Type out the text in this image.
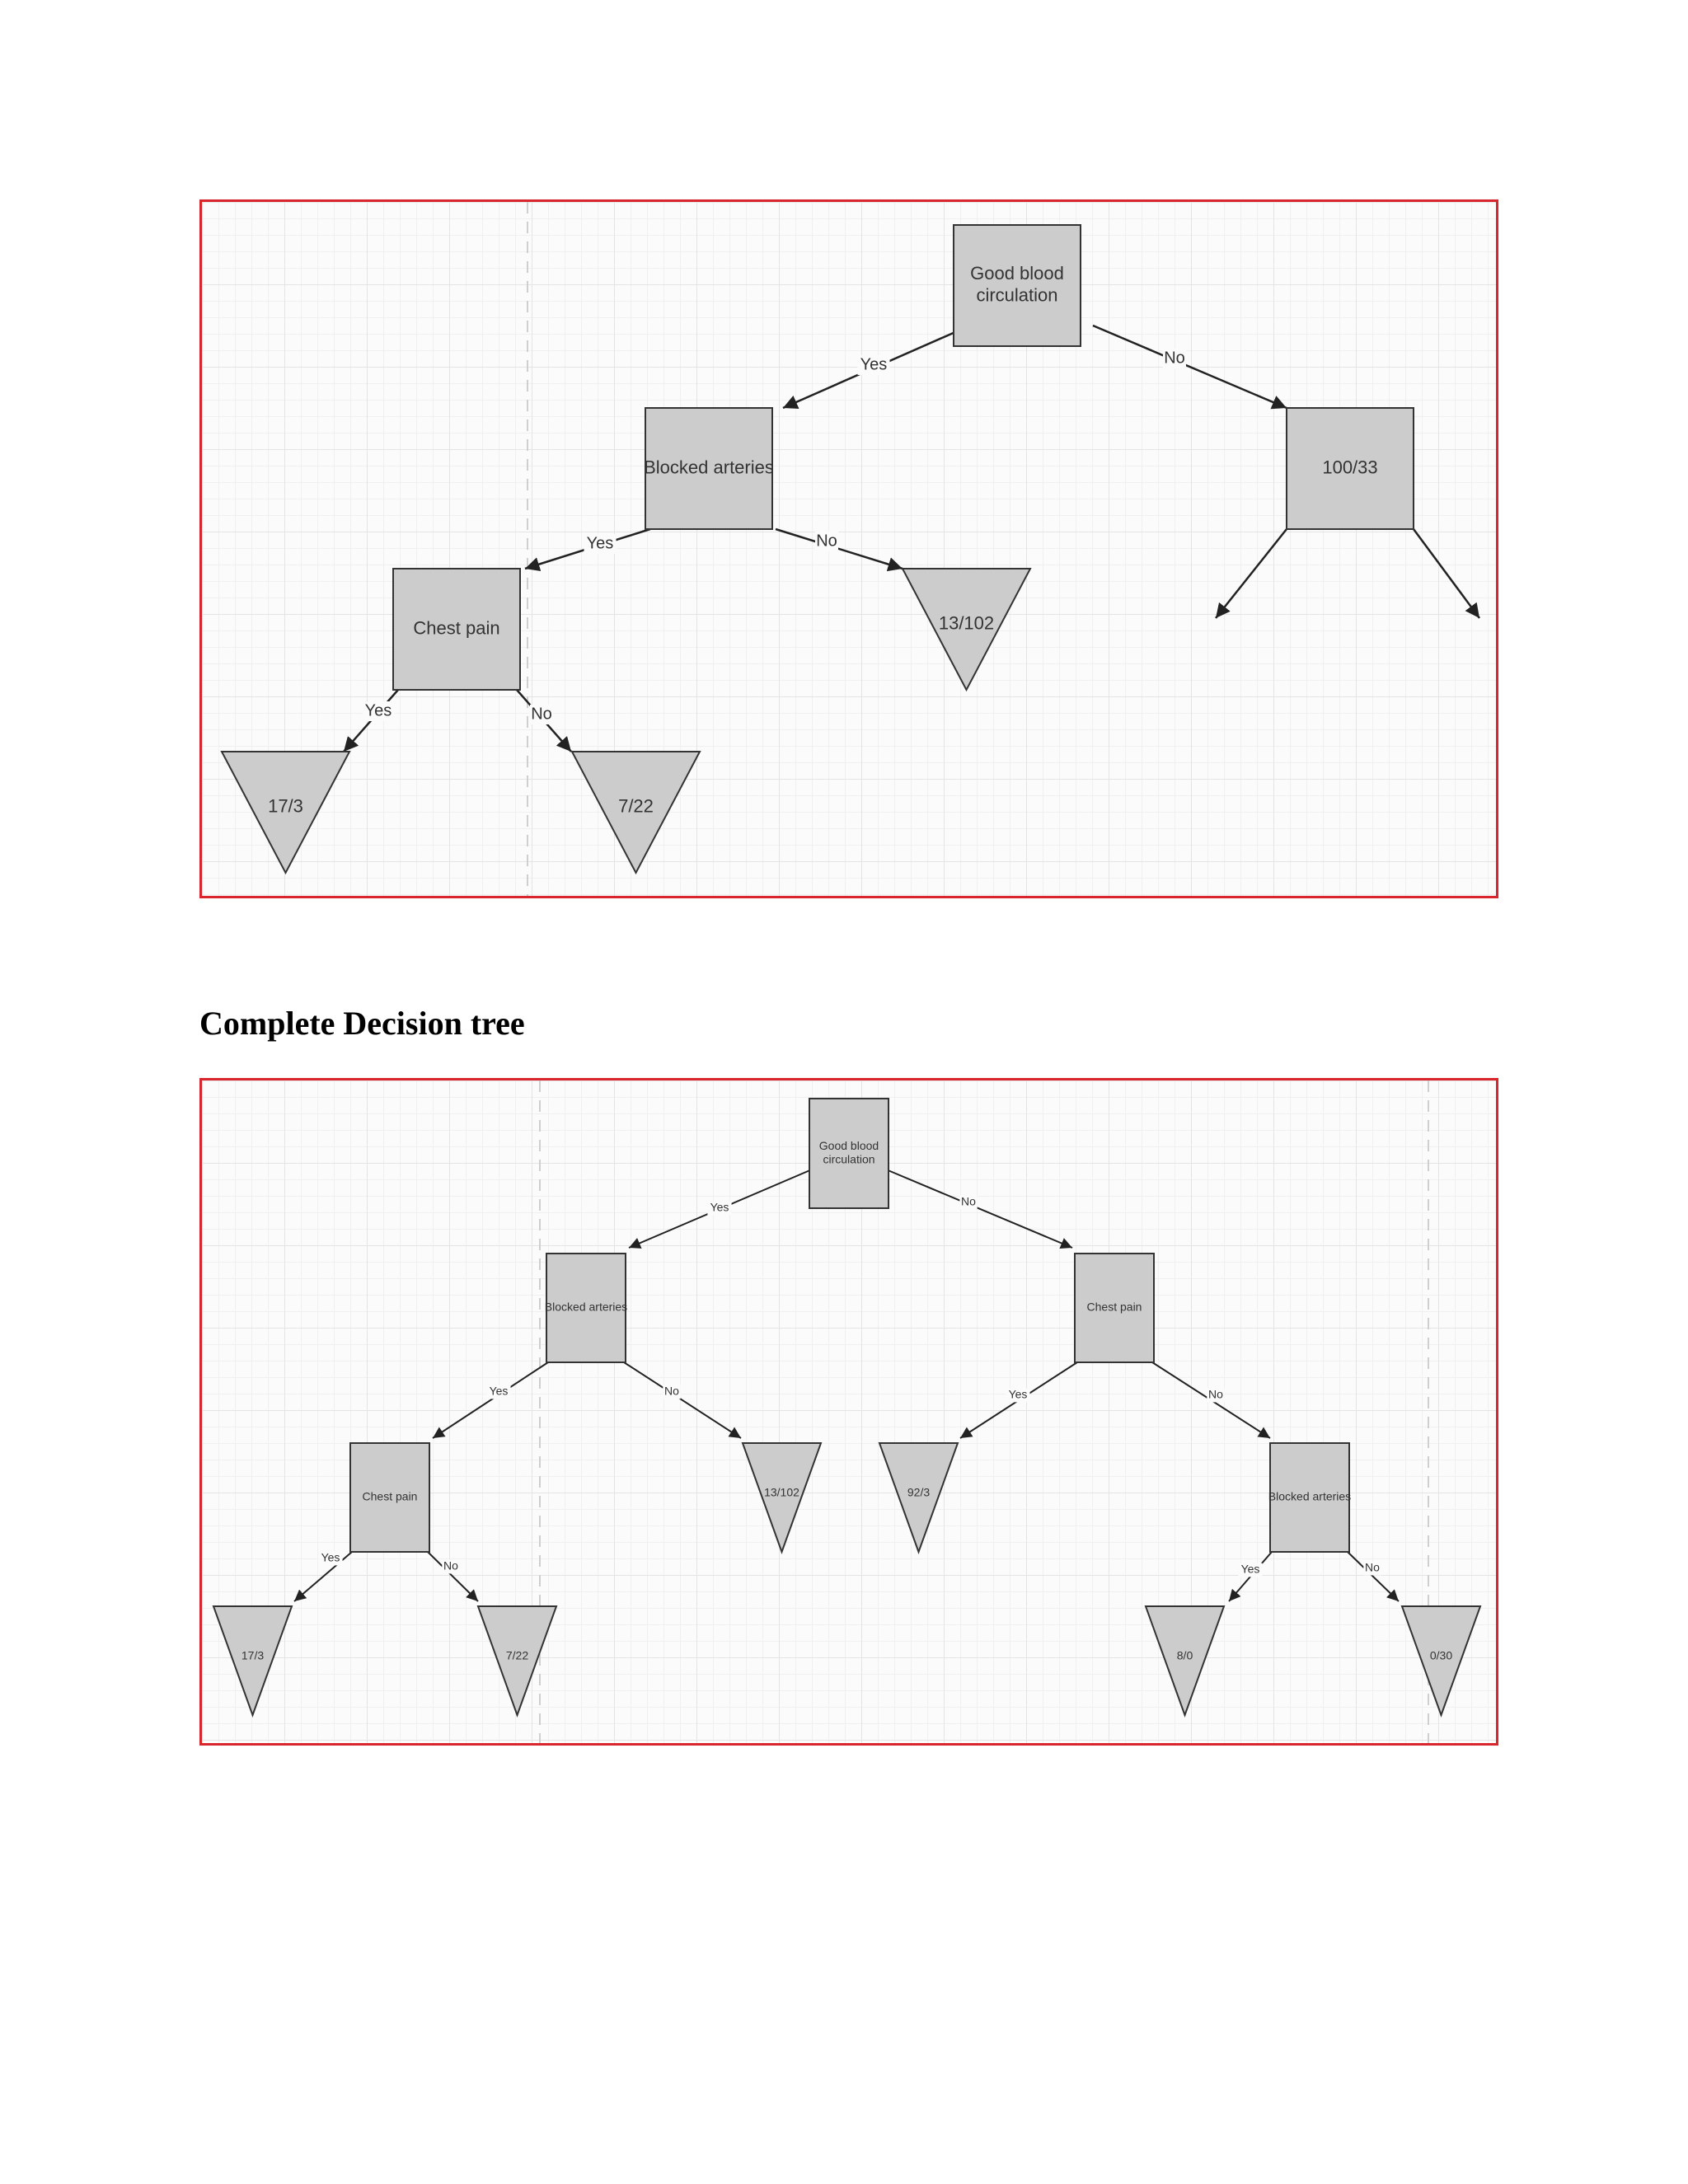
Complete Decision tree
Yes	No
Yes	No
Yes	No
Good blood
circulation
Blocked arteries	100/33
Chest pain	13/102
17/3	7/22
Yes	No
Yes	No	Yes	No
Yes
No	Yes	No
Good blood
circulation
Blocked arteries	Chest pain
Chest pain	13/102	92/3	Blocked arteries
17/3	7/22	8/0	0/30
